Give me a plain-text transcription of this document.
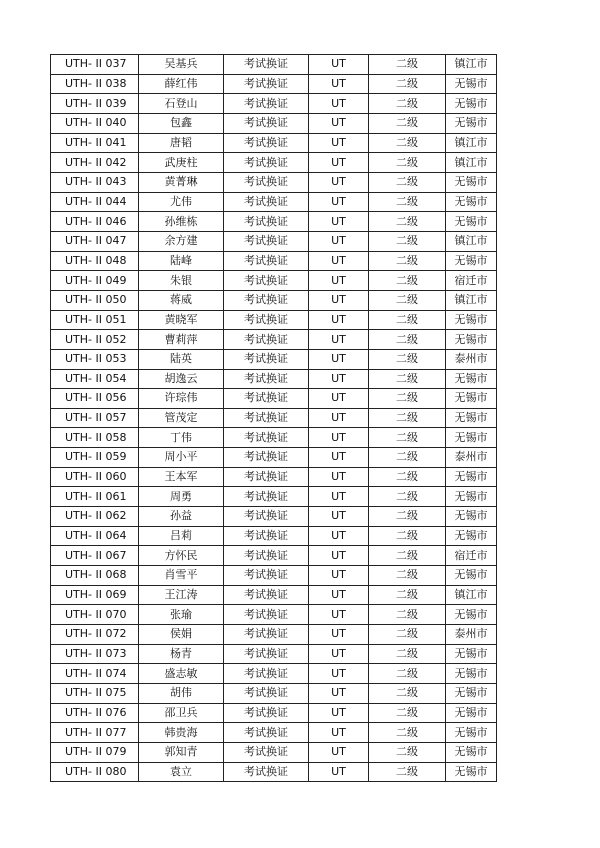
UTH- II 037	吴基兵	考试换证	UT	二级	镇江市
UTH- II 038	薛红伟	考试换证	UT	二级	无锡市
UTH- II 039	石登山	考试换证	UT	二级	无锡市
UTH- II 040	包鑫	考试换证	UT	二级	无锡市
UTH- II 041	唐韬	考试换证	UT	二级	镇江市
UTH- II 042	武庚柱	考试换证	UT	二级	镇江市
UTH- II 043	黄菁琳	考试换证	UT	二级	无锡市
UTH- II 044	尤伟	考试换证	UT	二级	无锡市
UTH- II 046	孙维栋	考试换证	UT	二级	无锡市
UTH- II 047	余方建	考试换证	UT	二级	镇江市
UTH- II 048	陆峰	考试换证	UT	二级	无锡市
UTH- II 049	朱银	考试换证	UT	二级	宿迁市
UTH- II 050	蒋威	考试换证	UT	二级	镇江市
UTH- II 051	黄晓军	考试换证	UT	二级	无锡市
UTH- II 052	曹莉萍	考试换证	UT	二级	无锡市
UTH- II 053	陆英	考试换证	UT	二级	泰州市
UTH- II 054	胡逸云	考试换证	UT	二级	无锡市
UTH- II 056	许琮伟	考试换证	UT	二级	无锡市
UTH- II 057	管茂定	考试换证	UT	二级	无锡市
UTH- II 058	丁伟	考试换证	UT	二级	无锡市
UTH- II 059	周小平	考试换证	UT	二级	泰州市
UTH- II 060	王本军	考试换证	UT	二级	无锡市
UTH- II 061	周勇	考试换证	UT	二级	无锡市
UTH- II 062	孙益	考试换证	UT	二级	无锡市
UTH- II 064	吕莉	考试换证	UT	二级	无锡市
UTH- II 067	方怀民	考试换证	UT	二级	宿迁市
UTH- II 068	肖雪平	考试换证	UT	二级	无锡市
UTH- II 069	王江涛	考试换证	UT	二级	镇江市
UTH- II 070	张瑜	考试换证	UT	二级	无锡市
UTH- II 072	侯娟	考试换证	UT	二级	泰州市
UTH- II 073	杨青	考试换证	UT	二级	无锡市
UTH- II 074	盛志敏	考试换证	UT	二级	无锡市
UTH- II 075	胡伟	考试换证	UT	二级	无锡市
UTH- II 076	邵卫兵	考试换证	UT	二级	无锡市
UTH- II 077	韩贵海	考试换证	UT	二级	无锡市
UTH- II 079	郭知青	考试换证	UT	二级	无锡市
UTH- II 080	袁立	考试换证	UT	二级	无锡市
